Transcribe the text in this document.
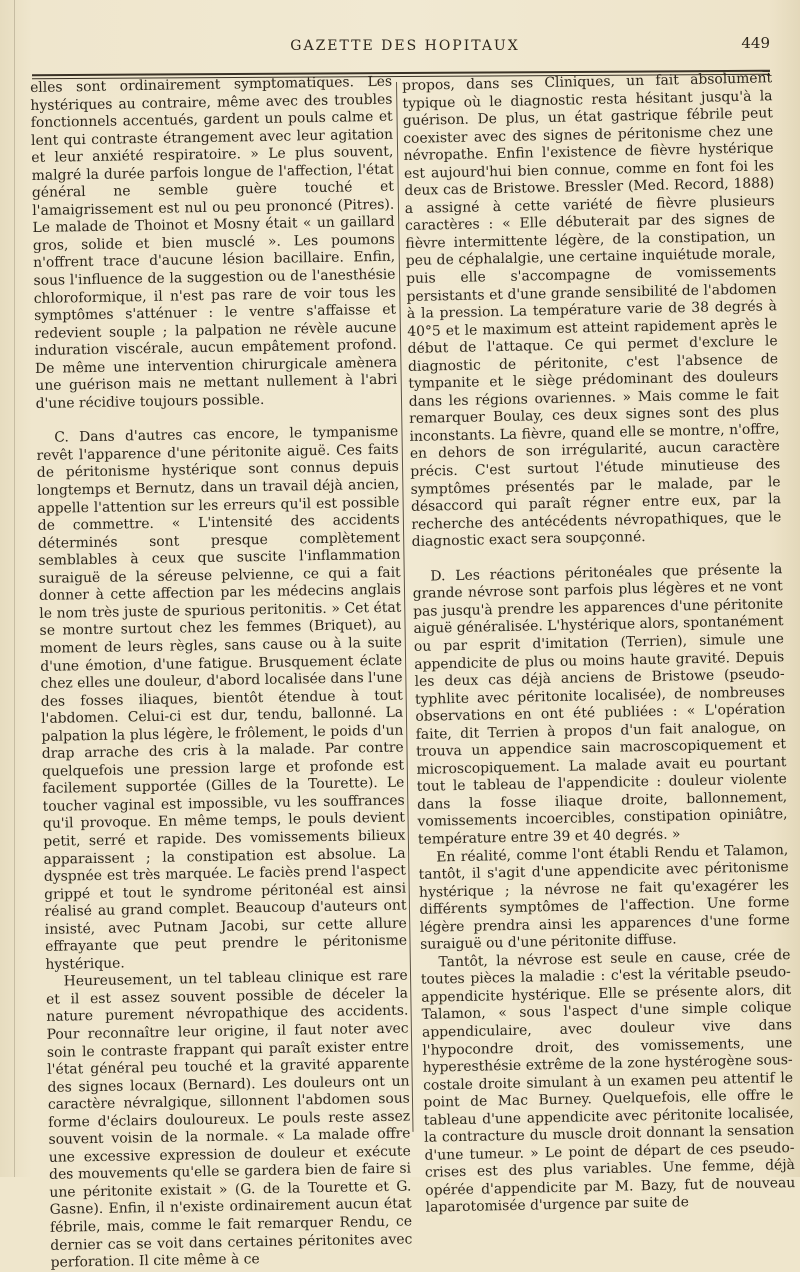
GAZETTE DES HOPITAUX	449

elles sont ordinairement symptomatiques. Les hystériques au contraire, même avec des troubles fonctionnels accentués, gardent un pouls calme et lent qui contraste étrangement avec leur agitation et leur anxiété respiratoire. » Le plus souvent, malgré la durée parfois longue de l'affection, l'état général ne semble guère touché et l'amaigrissement est nul ou peu prononcé (Pitres). Le malade de Thoinot et Mosny était « un gaillard gros, solide et bien musclé ». Les poumons n'offrent trace d'aucune lésion bacillaire. Enfin, sous l'influence de la suggestion ou de l'anesthésie chloroformique, il n'est pas rare de voir tous les symptômes s'atténuer : le ventre s'affaisse et redevient souple ; la palpation ne révèle aucune induration viscérale, aucun empâtement profond. De même une intervention chirurgicale amènera une guérison mais ne mettant nullement à l'abri d'une récidive toujours possible.

C. Dans d'autres cas encore, le tympanisme revêt l'apparence d'une péritonite aiguë. Ces faits de péritonisme hystérique sont connus depuis longtemps et Bernutz, dans un travail déjà ancien, appelle l'attention sur les erreurs qu'il est possible de commettre. « L'intensité des accidents déterminés sont presque complètement semblables à ceux que suscite l'inflammation suraiguë de la séreuse pelvienne, ce qui a fait donner à cette affection par les médecins anglais le nom très juste de spurious peritonitis. » Cet état se montre surtout chez les femmes (Briquet), au moment de leurs règles, sans cause ou à la suite d'une émotion, d'une fatigue. Brusquement éclate chez elles une douleur, d'abord localisée dans l'une des fosses iliaques, bientôt étendue à tout l'abdomen. Celui-ci est dur, tendu, ballonné. La palpation la plus légère, le frôlement, le poids d'un drap arrache des cris à la malade. Par contre quelquefois une pression large et profonde est facilement supportée (Gilles de la Tourette). Le toucher vaginal est impossible, vu les souffrances qu'il provoque. En même temps, le pouls devient petit, serré et rapide. Des vomissements bilieux apparaissent ; la constipation est absolue. La dyspnée est très marquée. Le faciès prend l'aspect grippé et tout le syndrome péritonéal est ainsi réalisé au grand complet. Beaucoup d'auteurs ont insisté, avec Putnam Jacobi, sur cette allure effrayante que peut prendre le péritonisme hystérique.

Heureusement, un tel tableau clinique est rare et il est assez souvent possible de déceler la nature purement névropathique des accidents. Pour reconnaître leur origine, il faut noter avec soin le contraste frappant qui paraît exister entre l'état général peu touché et la gravité apparente des signes locaux (Bernard). Les douleurs ont un caractère névralgique, sillonnent l'abdomen sous forme d'éclairs douloureux. Le pouls reste assez souvent voisin de la normale. « La malade offre une excessive expression de douleur et exécute des mouvements qu'elle se gardera bien de faire si une péritonite existait » (G. de la Tourette et G. Gasne). Enfin, il n'existe ordinairement aucun état fébrile, mais, comme le fait remarquer Rendu, ce dernier cas se voit dans certaines péritonites avec perforation. Il cite même à ce

propos, dans ses Cliniques, un fait absolument typique où le diagnostic resta hésitant jusqu'à la guérison. De plus, un état gastrique fébrile peut coexister avec des signes de péritonisme chez une névropathe. Enfin l'existence de fièvre hystérique est aujourd'hui bien connue, comme en font foi les deux cas de Bristowe. Bressler (Med. Record, 1888) a assigné à cette variété de fièvre plusieurs caractères : « Elle débuterait par des signes de fièvre intermittente légère, de la constipation, un peu de céphalalgie, une certaine inquiétude morale, puis elle s'accompagne de vomissements persistants et d'une grande sensibilité de l'abdomen à la pression. La température varie de 38 degrés à 40°5 et le maximum est atteint rapidement après le début de l'attaque. Ce qui permet d'exclure le diagnostic de péritonite, c'est l'absence de tympanite et le siège prédominant des douleurs dans les régions ovariennes. » Mais comme le fait remarquer Boulay, ces deux signes sont des plus inconstants. La fièvre, quand elle se montre, n'offre, en dehors de son irrégularité, aucun caractère précis. C'est surtout l'étude minutieuse des symptômes présentés par le malade, par le désaccord qui paraît régner entre eux, par la recherche des antécédents névropathiques, que le diagnostic exact sera soupçonné.

D. Les réactions péritonéales que présente la grande névrose sont parfois plus légères et ne vont pas jusqu'à prendre les apparences d'une péritonite aiguë généralisée. L'hystérique alors, spontanément ou par esprit d'imitation (Terrien), simule une appendicite de plus ou moins haute gravité. Depuis les deux cas déjà anciens de Bristowe (pseudo-typhlite avec péritonite localisée), de nombreuses observations en ont été publiées : « L'opération faite, dit Terrien à propos d'un fait analogue, on trouva un appendice sain macroscopiquement et microscopiquement. La malade avait eu pourtant tout le tableau de l'appendicite : douleur violente dans la fosse iliaque droite, ballonnement, vomissements incoercibles, constipation opiniâtre, température entre 39 et 40 degrés. »

En réalité, comme l'ont établi Rendu et Talamon, tantôt, il s'agit d'une appendicite avec péritonisme hystérique ; la névrose ne fait qu'exagérer les différents symptômes de l'affection. Une forme légère prendra ainsi les apparences d'une forme suraiguë ou d'une péritonite diffuse.

Tantôt, la névrose est seule en cause, crée de toutes pièces la maladie : c'est la véritable pseudo-appendicite hystérique. Elle se présente alors, dit Talamon, « sous l'aspect d'une simple colique appendiculaire, avec douleur vive dans l'hypocondre droit, des vomissements, une hyperesthésie extrême de la zone hystérogène sous-costale droite simulant à un examen peu attentif le point de Mac Burney. Quelquefois, elle offre le tableau d'une appendicite avec péritonite localisée, la contracture du muscle droit donnant la sensation d'une tumeur. » Le point de départ de ces pseudo-crises est des plus variables. Une femme, déjà opérée d'appendicite par M. Bazy, fut de nouveau laparotomisée d'urgence par suite de
